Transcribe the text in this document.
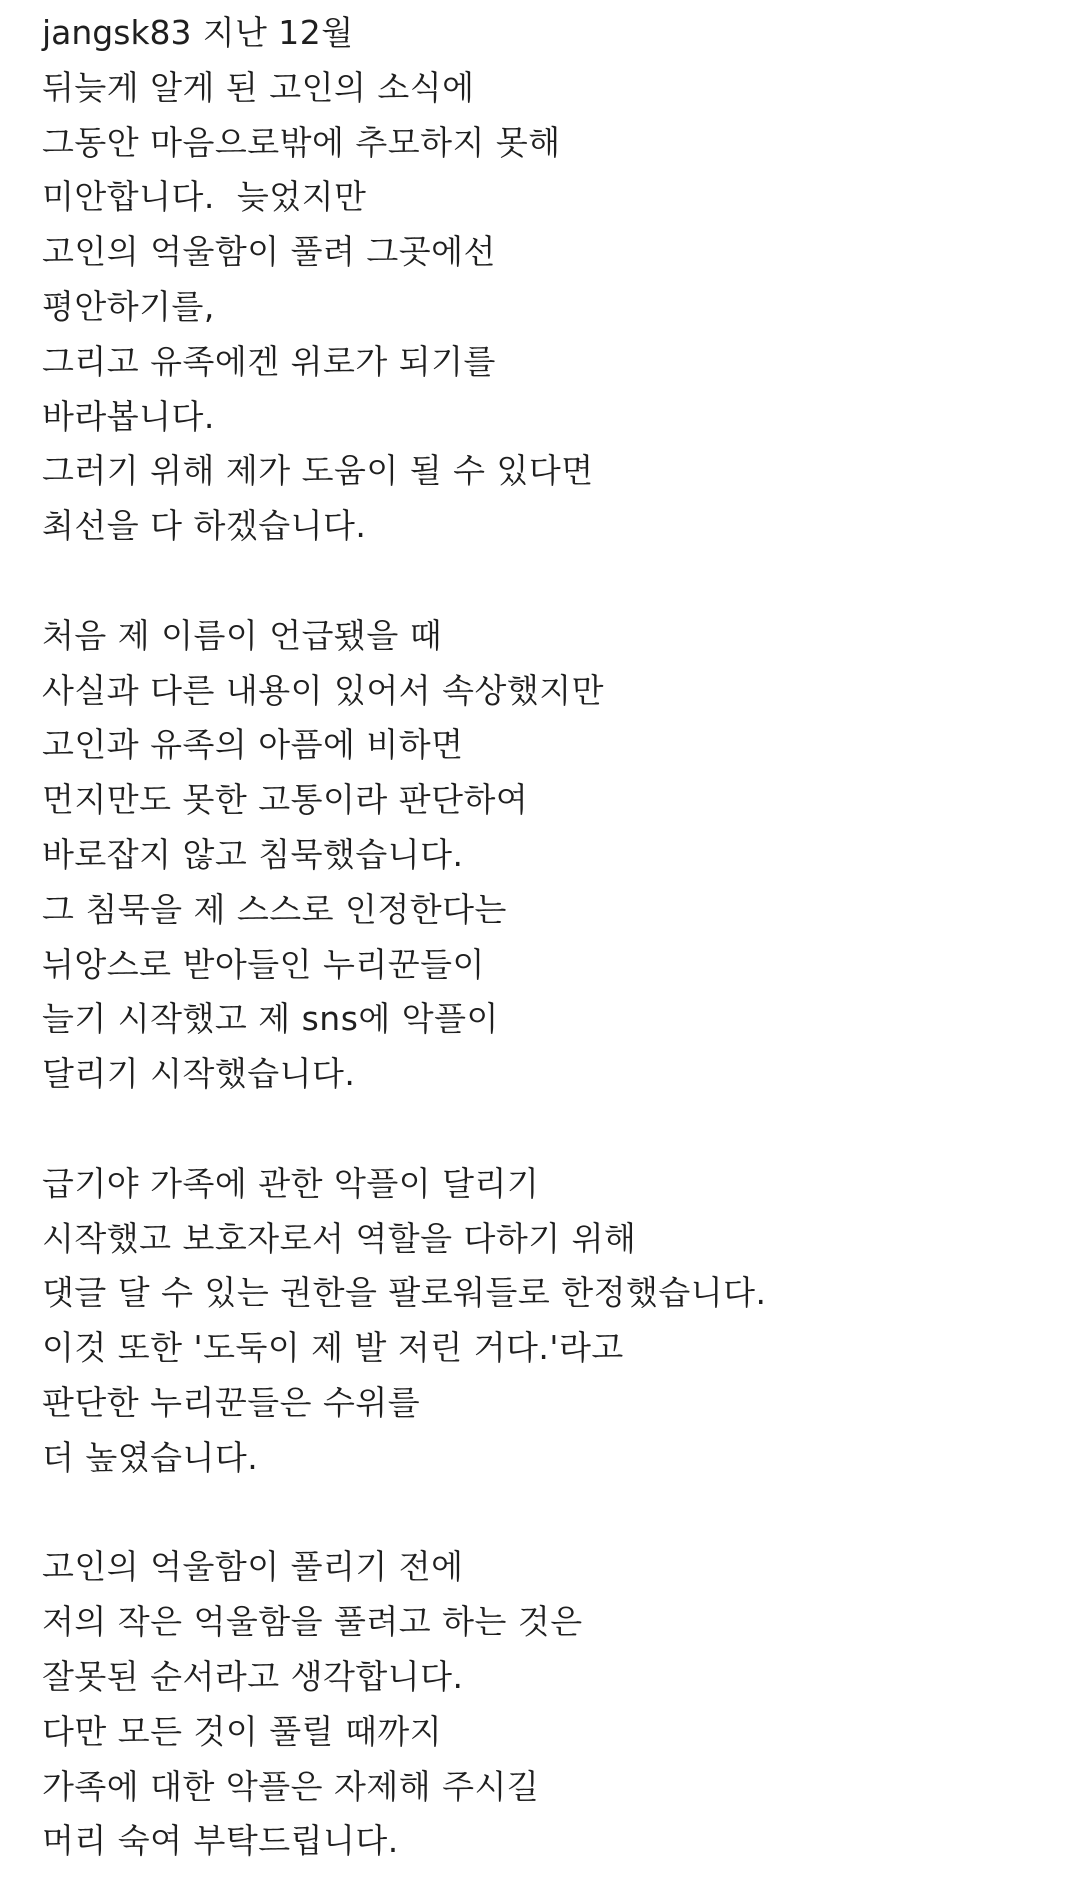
jangsk83 지난 12월
뒤늦게 알게 된 고인의 소식에
그동안 마음으로밖에 추모하지 못해
미안합니다.  늦었지만
고인의 억울함이 풀려 그곳에선
평안하기를,
그리고 유족에겐 위로가 되기를
바라봅니다.
그러기 위해 제가 도움이 될 수 있다면
최선을 다 하겠습니다.
처음 제 이름이 언급됐을 때
사실과 다른 내용이 있어서 속상했지만
고인과 유족의 아픔에 비하면
먼지만도 못한 고통이라 판단하여
바로잡지 않고 침묵했습니다.
그 침묵을 제 스스로 인정한다는
뉘앙스로 받아들인 누리꾼들이
늘기 시작했고 제 sns에 악플이
달리기 시작했습니다.
급기야 가족에 관한 악플이 달리기
시작했고 보호자로서 역할을 다하기 위해
댓글 달 수 있는 권한을 팔로워들로 한정했습니다.
이것 또한 '도둑이 제 발 저린 거다.'라고
판단한 누리꾼들은 수위를
더 높였습니다.
고인의 억울함이 풀리기 전에
저의 작은 억울함을 풀려고 하는 것은
잘못된 순서라고 생각합니다.
다만 모든 것이 풀릴 때까지
가족에 대한 악플은 자제해 주시길
머리 숙여 부탁드립니다.
